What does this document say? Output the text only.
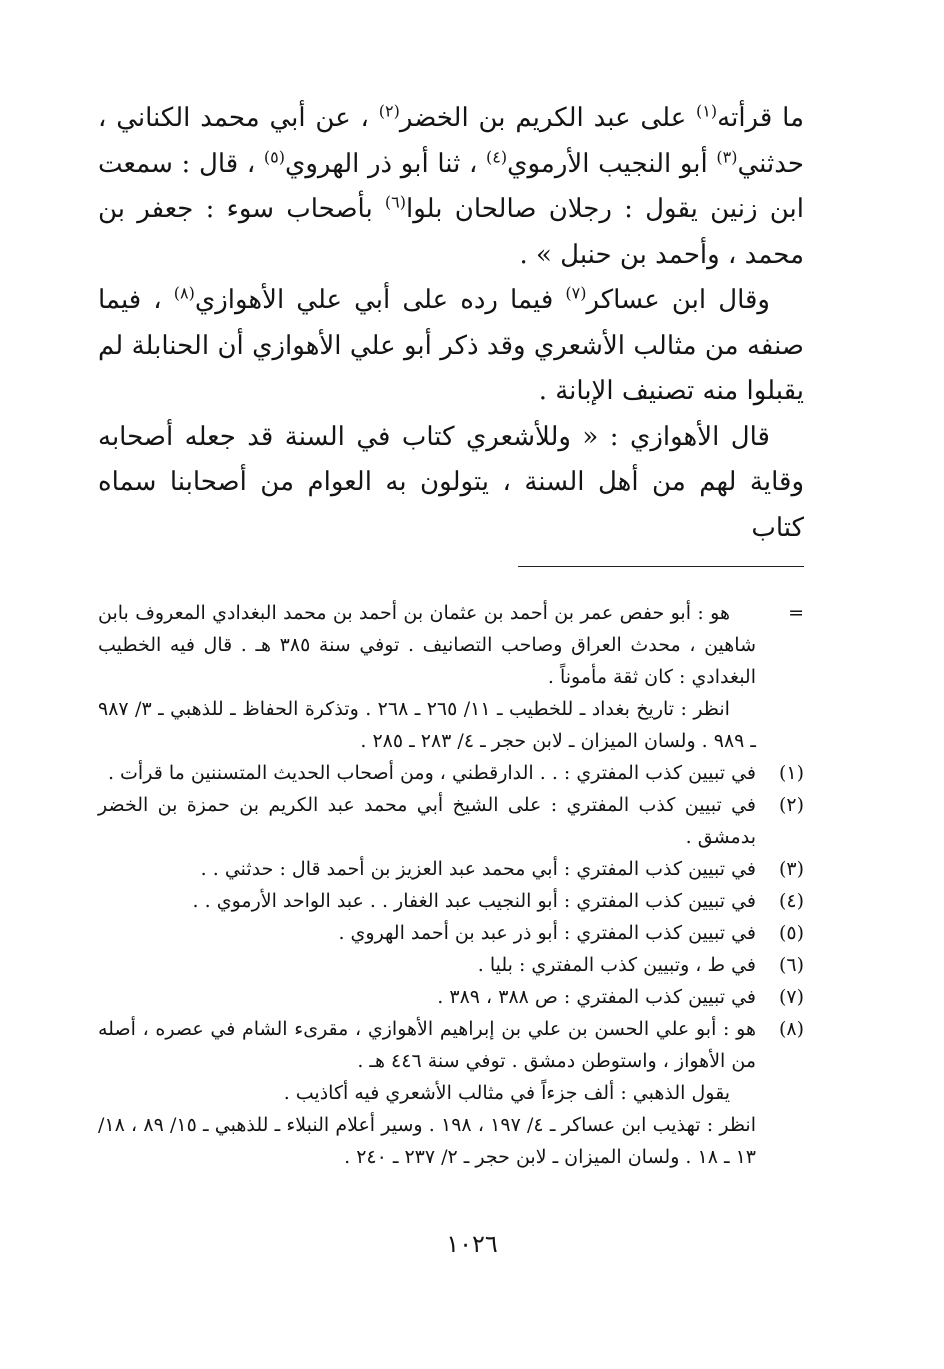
ما قرأته$^{(١)}$ على عبد الكريم بن الخضر$^{(٢)}$ ، عن أبي محمد الكناني ، حدثني$^{(٣)}$ أبو النجيب الأرموي$^{(٤)}$ ، ثنا أبو ذر الهروي$^{(٥)}$ ، قال : سمعت ابن زنين يقول : رجلان صالحان بلوا$^{(٦)}$ بأصحاب سوء : جعفر بن محمد ، وأحمد بن حنبل » .

وقال ابن عساكر$^{(٧)}$ فيما رده على أبي علي الأهوازي$^{(٨)}$ ، فيما صنفه من مثالب الأشعري وقد ذكر أبو علي الأهوازي أن الحنابلة لم يقبلوا منه تصنيف الإبانة .

قال الأهوازي : « وللأشعري كتاب في السنة قد جعله أصحابه وقاية لهم من أهل السنة ، يتولون به العوام من أصحابنا سماه كتاب

=
هو : أبو حفص عمر بن أحمد بن عثمان بن أحمد بن محمد البغدادي المعروف بابن شاهين ، محدث العراق وصاحب التصانيف . توفي سنة ٣٨٥ هـ . قال فيه الخطيب البغدادي : كان ثقة مأموناً .
انظر : تاريخ بغداد ـ للخطيب ـ ١١/ ٢٦٥ ـ ٢٦٨ . وتذكرة الحفاظ ـ للذهبي ـ ٣/ ٩٨٧ ـ ٩٨٩ . ولسان الميزان ـ لابن حجر ـ ٤/ ٢٨٣ ـ ٢٨٥ .
(١)
في تبيين كذب المفتري : . . الدارقطني ، ومن أصحاب الحديث المتسننين ما قرأت .
(٢)
في تبيين كذب المفتري : على الشيخ أبي محمد عبد الكريم بن حمزة بن الخضر بدمشق .
(٣)
في تبيين كذب المفتري : أبي محمد عبد العزيز بن أحمد قال : حدثني . .
(٤)
في تبيين كذب المفتري : أبو النجيب عبد الغفار . . عبد الواحد الأرموي . .
(٥)
في تبيين كذب المفتري : أبو ذر عبد بن أحمد الهروي .
(٦)
في ط ، وتبيين كذب المفتري : بليا .
(٧)
في تبيين كذب المفتري : ص ٣٨٨ ، ٣٨٩ .
(٨)
هو : أبو علي الحسن بن علي بن إبراهيم الأهوازي ، مقرىء الشام في عصره ، أصله من الأهواز ، واستوطن دمشق . توفي سنة ٤٤٦ هـ .
يقول الذهبي : ألف جزءاً في مثالب الأشعري فيه أكاذيب .
انظر : تهذيب ابن عساكر ـ ٤/ ١٩٧ ، ١٩٨ . وسير أعلام النبلاء ـ للذهبي ـ ١٥/ ٨٩ ، ١٨/ ١٣ ـ ١٨ . ولسان الميزان ـ لابن حجر ـ ٢/ ٢٣٧ ـ ٢٤٠ .
١٠٢٦
